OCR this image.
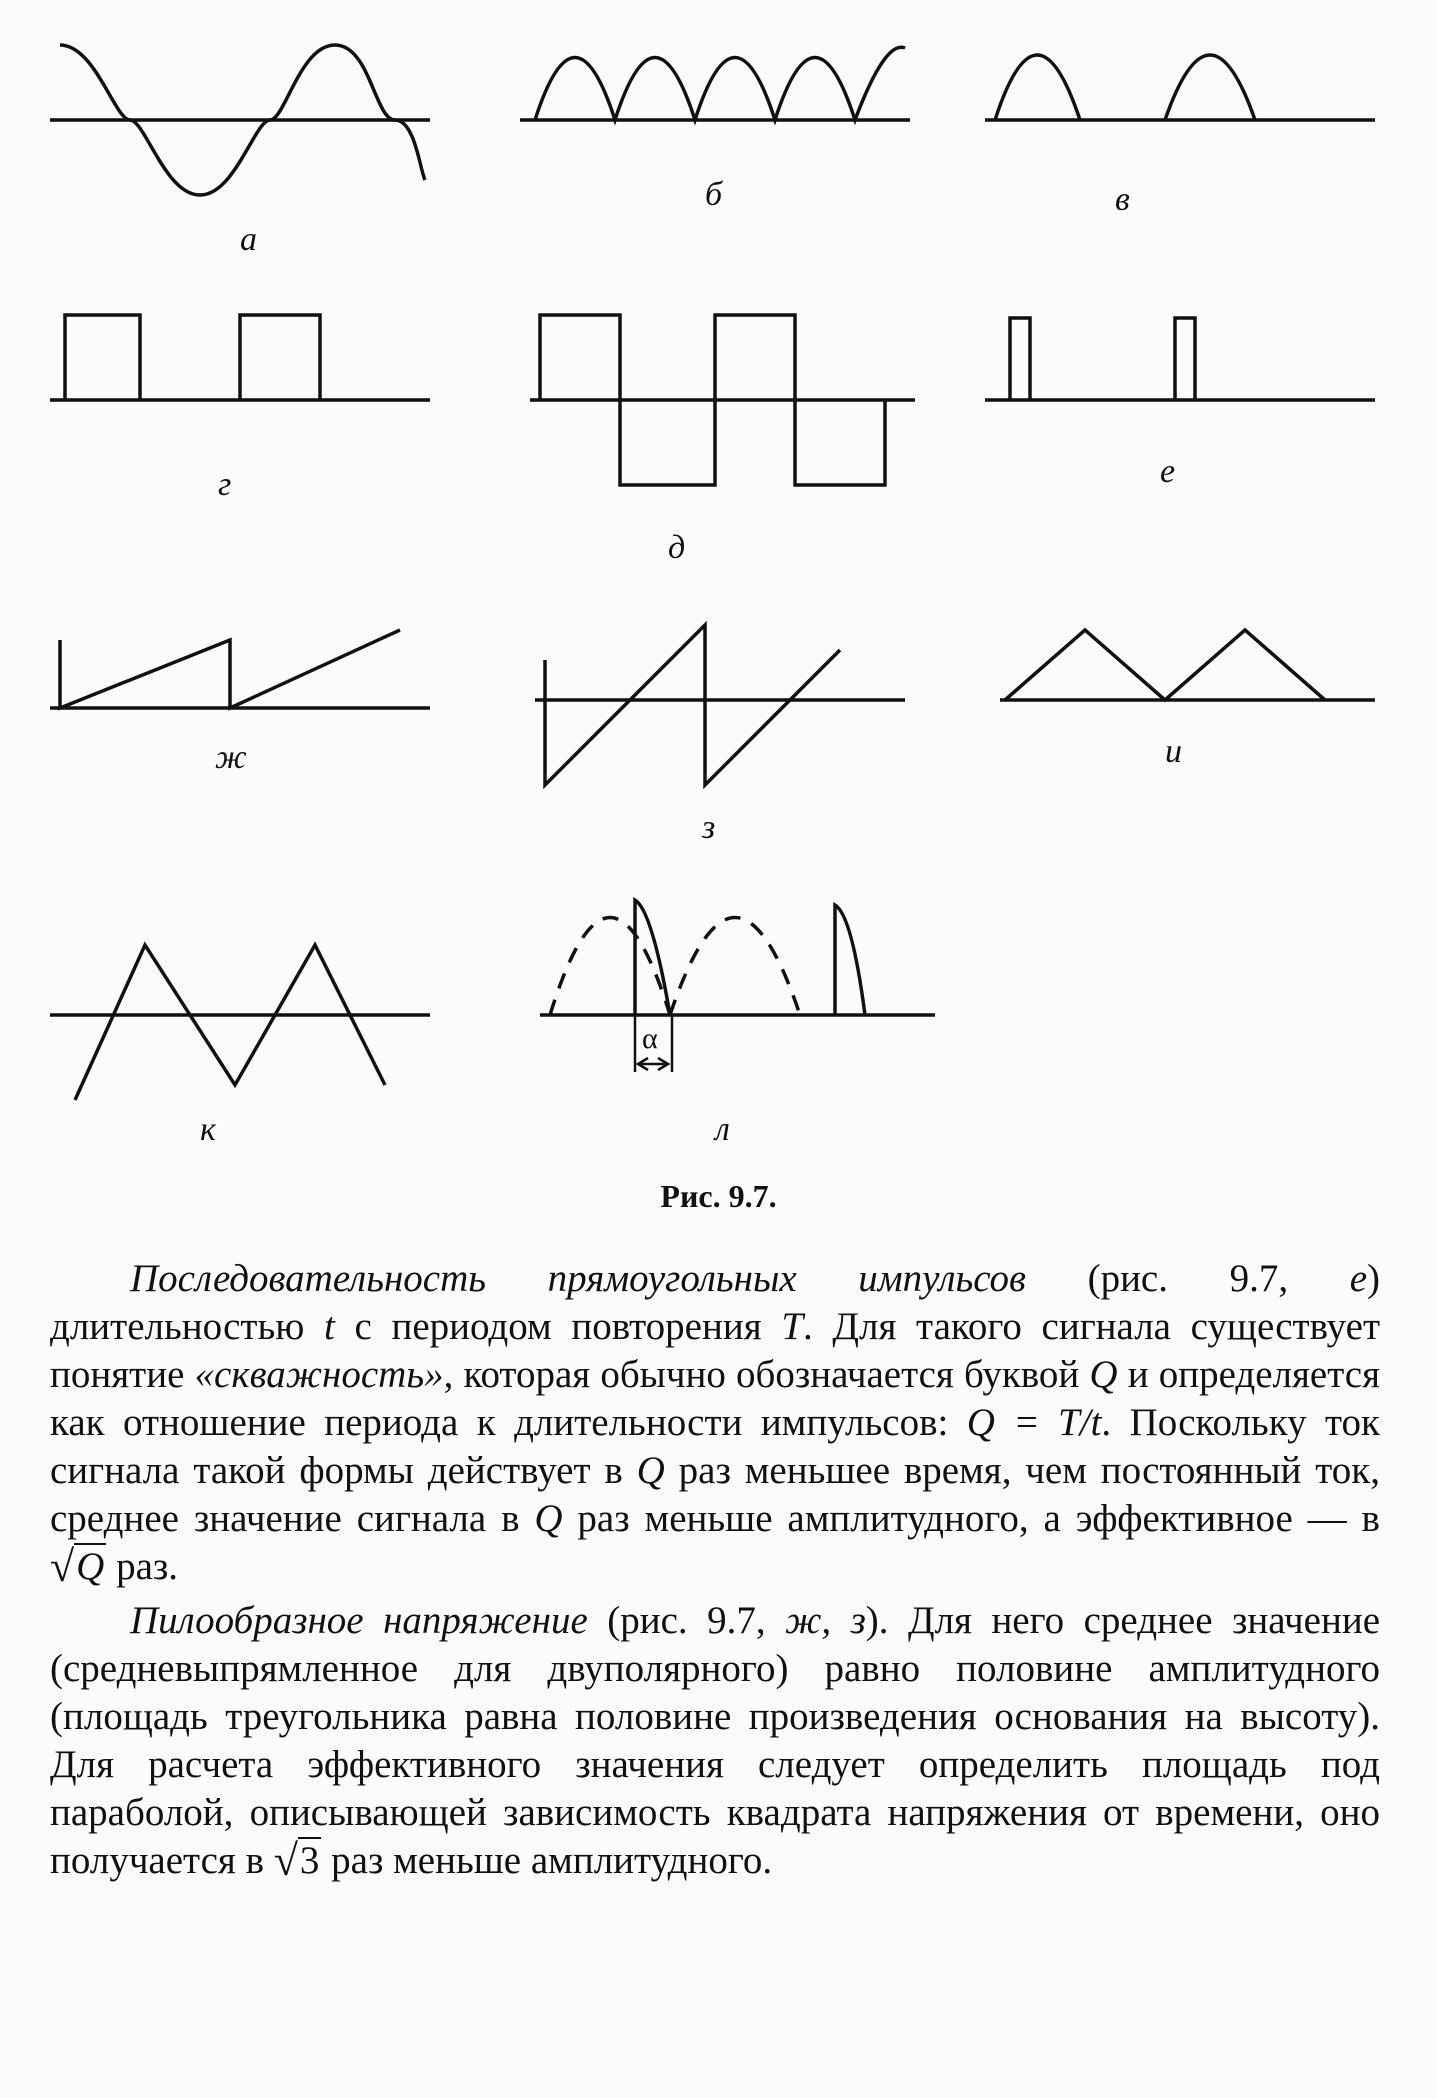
а
б	в
г
д
е
ж
з
и
к	л
α
Рис. 9.7.

Последовательность прямоугольных импульсов (рис. 9.7, е) длительностью t с периодом повторения T. Для такого сигнала существует понятие «скважность», которая обычно обозначается буквой Q и определяется как отношение периода к длительности импульсов: Q = T/t. Поскольку ток сигнала такой формы действует в Q раз меньшее время, чем постоянный ток, среднее значение сигнала в Q раз меньше амплитудного, а эффективное — в √Q раз.

Пилообразное напряжение (рис. 9.7, ж, з). Для него среднее значение (средневыпрямленное для двуполярного) равно половине амплитудного (площадь треугольника равна половине произведения основания на высоту). Для расчета эффективного значения следует определить площадь под параболой, описывающей зависимость квадрата напряжения от времени, оно получается в √3 раз меньше амплитудного.
